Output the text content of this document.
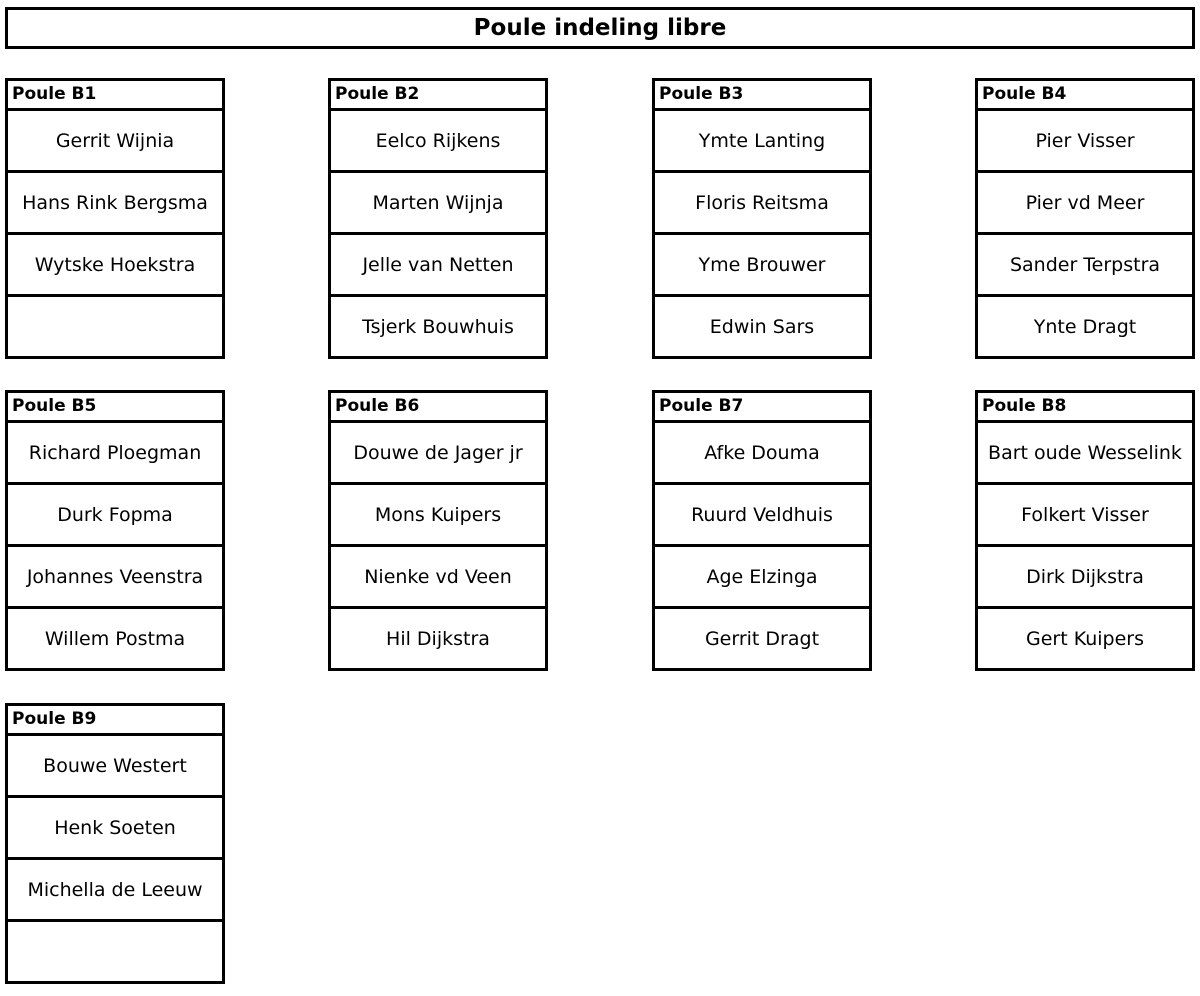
Poule indeling libre
Poule B1
Gerrit Wijnia
Hans Rink Bergsma
Wytske Hoekstra
Poule B2
Eelco Rijkens
Marten Wijnja
Jelle van Netten
Tsjerk Bouwhuis
Poule B3
Ymte Lanting
Floris Reitsma
Yme Brouwer
Edwin Sars
Poule B4
Pier Visser
Pier vd Meer
Sander Terpstra
Ynte Dragt
Poule B5
Richard Ploegman
Durk Fopma
Johannes Veenstra
Willem Postma
Poule B6
Douwe de Jager jr
Mons Kuipers
Nienke vd Veen
Hil Dijkstra
Poule B7
Afke Douma
Ruurd Veldhuis
Age Elzinga
Gerrit Dragt
Poule B8
Bart oude Wesselink
Folkert Visser
Dirk Dijkstra
Gert Kuipers
Poule B9
Bouwe Westert
Henk Soeten
Michella de Leeuw
